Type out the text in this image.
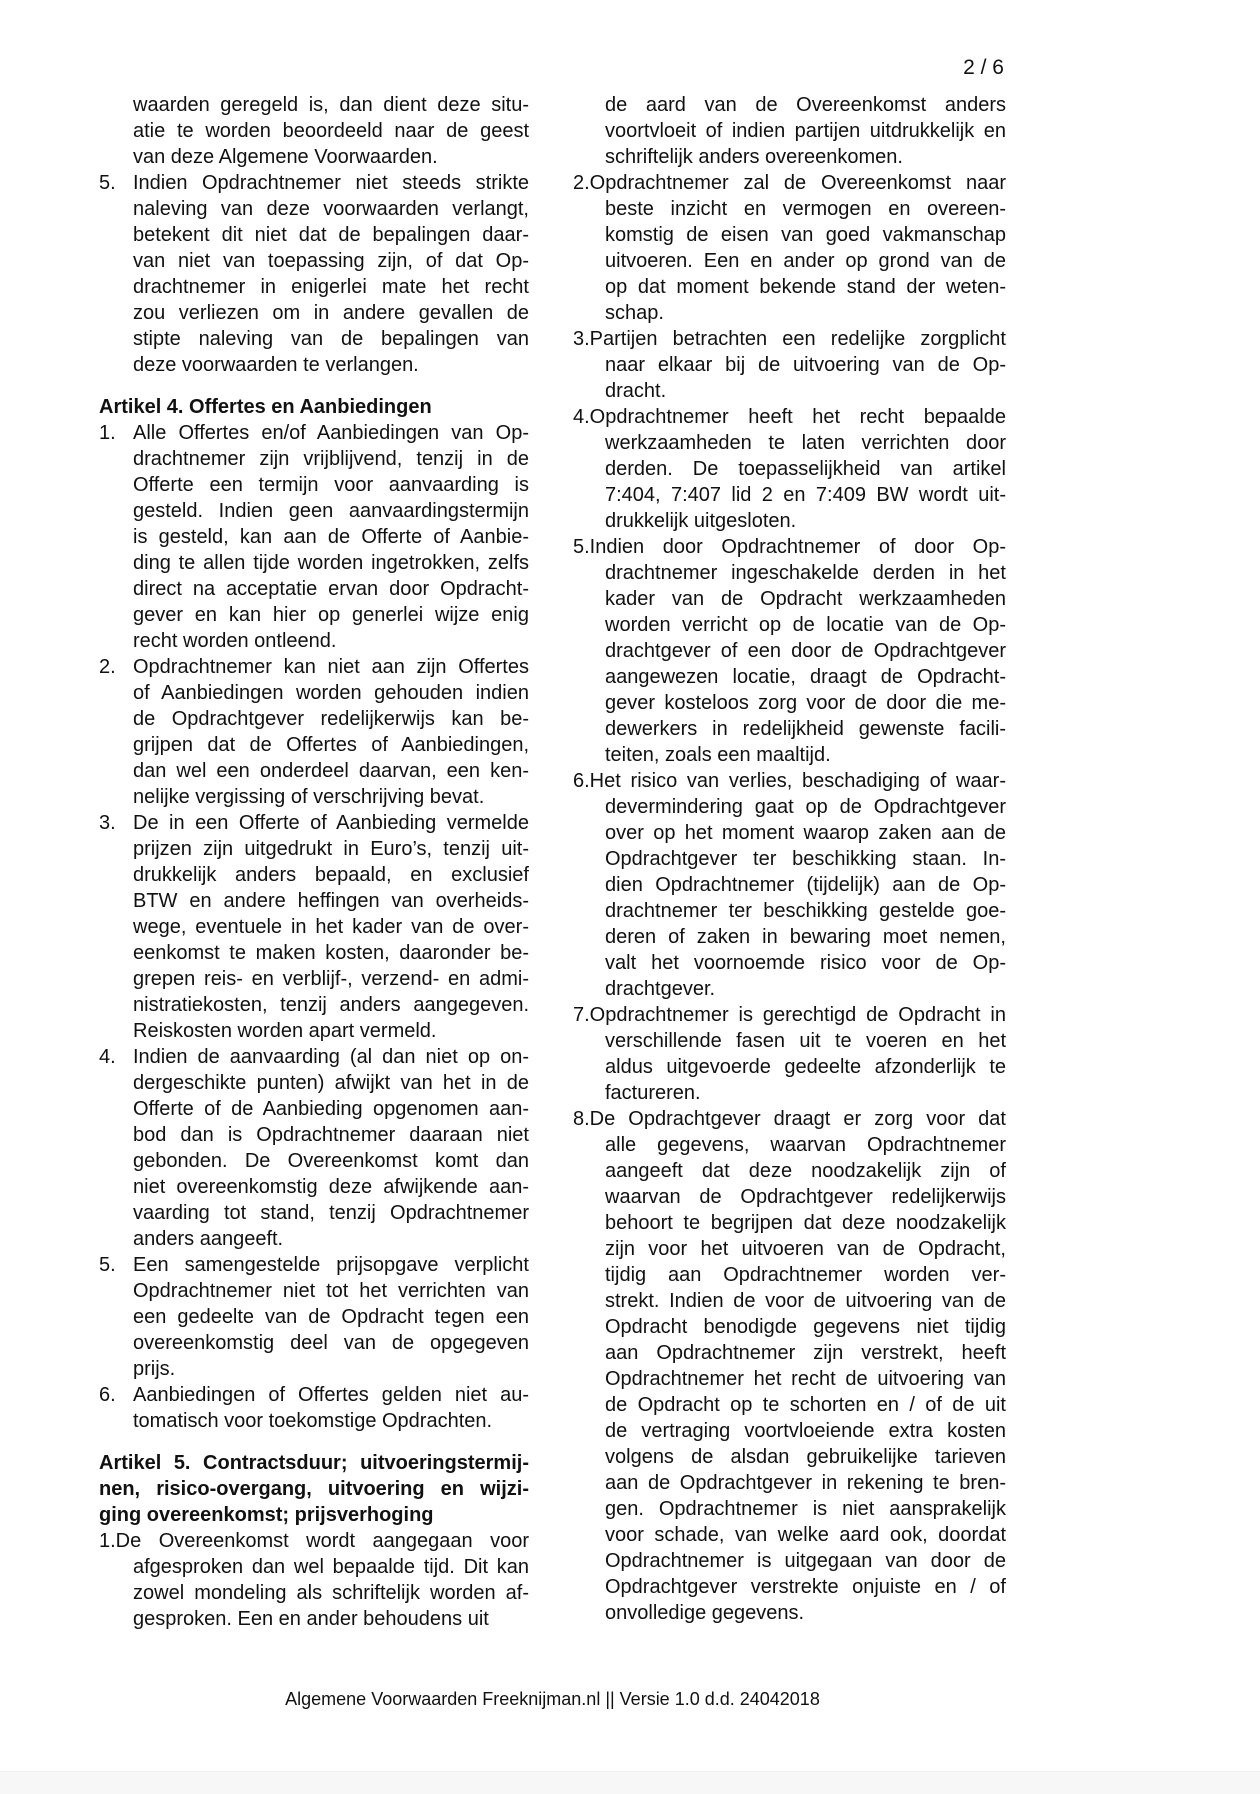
2 / 6
waarden geregeld is, dan dient deze situ-
atie te worden beoordeeld naar de geest
van deze Algemene Voorwaarden.
5. Indien Opdrachtnemer niet steeds strikte
naleving van deze voorwaarden verlangt,
betekent dit niet dat de bepalingen daar-
van niet van toepassing zijn, of dat Op-
drachtnemer in enigerlei mate het recht
zou verliezen om in andere gevallen de
stipte naleving van de bepalingen van
deze voorwaarden te verlangen.
Artikel 4. Offertes en Aanbiedingen
1. Alle Offertes en/of Aanbiedingen van Op-
drachtnemer zijn vrijblijvend, tenzij in de
Offerte een termijn voor aanvaarding is
gesteld. Indien geen aanvaardingstermijn
is gesteld, kan aan de Offerte of Aanbie-
ding te allen tijde worden ingetrokken, zelfs
direct na acceptatie ervan door Opdracht-
gever en kan hier op generlei wijze enig
recht worden ontleend.
2. Opdrachtnemer kan niet aan zijn Offertes
of Aanbiedingen worden gehouden indien
de Opdrachtgever redelijkerwijs kan be-
grijpen dat de Offertes of Aanbiedingen,
dan wel een onderdeel daarvan, een ken-
nelijke vergissing of verschrijving bevat.
3. De in een Offerte of Aanbieding vermelde
prijzen zijn uitgedrukt in Euro’s, tenzij uit-
drukkelijk anders bepaald, en exclusief
BTW en andere heffingen van overheids-
wege, eventuele in het kader van de over-
eenkomst te maken kosten, daaronder be-
grepen reis- en verblijf-, verzend- en admi-
nistratiekosten, tenzij anders aangegeven.
Reiskosten worden apart vermeld.
4. Indien de aanvaarding (al dan niet op on-
dergeschikte punten) afwijkt van het in de
Offerte of de Aanbieding opgenomen aan-
bod dan is Opdrachtnemer daaraan niet
gebonden. De Overeenkomst komt dan
niet overeenkomstig deze afwijkende aan-
vaarding tot stand, tenzij Opdrachtnemer
anders aangeeft.
5. Een samengestelde prijsopgave verplicht
Opdrachtnemer niet tot het verrichten van
een gedeelte van de Opdracht tegen een
overeenkomstig deel van de opgegeven
prijs.
6. Aanbiedingen of Offertes gelden niet au-
tomatisch voor toekomstige Opdrachten.
Artikel 5. Contractsduur; uitvoeringstermij-
nen, risico-overgang, uitvoering en wijzi-
ging overeenkomst; prijsverhoging
1.De Overeenkomst wordt aangegaan voor
afgesproken dan wel bepaalde tijd. Dit kan
zowel mondeling als schriftelijk worden af-
gesproken. Een en ander behoudens uit
de aard van de Overeenkomst anders
voortvloeit of indien partijen uitdrukkelijk en
schriftelijk anders overeenkomen.
2.Opdrachtnemer zal de Overeenkomst naar
beste inzicht en vermogen en overeen-
komstig de eisen van goed vakmanschap
uitvoeren. Een en ander op grond van de
op dat moment bekende stand der weten-
schap.
3.Partijen betrachten een redelijke zorgplicht
naar elkaar bij de uitvoering van de Op-
dracht.
4.Opdrachtnemer heeft het recht bepaalde
werkzaamheden te laten verrichten door
derden. De toepasselijkheid van artikel
7:404, 7:407 lid 2 en 7:409 BW wordt uit-
drukkelijk uitgesloten.
5.Indien door Opdrachtnemer of door Op-
drachtnemer ingeschakelde derden in het
kader van de Opdracht werkzaamheden
worden verricht op de locatie van de Op-
drachtgever of een door de Opdrachtgever
aangewezen locatie, draagt de Opdracht-
gever kosteloos zorg voor de door die me-
dewerkers in redelijkheid gewenste facili-
teiten, zoals een maaltijd.
6.Het risico van verlies, beschadiging of waar-
devermindering gaat op de Opdrachtgever
over op het moment waarop zaken aan de
Opdrachtgever ter beschikking staan. In-
dien Opdrachtnemer (tijdelijk) aan de Op-
drachtnemer ter beschikking gestelde goe-
deren of zaken in bewaring moet nemen,
valt het voornoemde risico voor de Op-
drachtgever.
7.Opdrachtnemer is gerechtigd de Opdracht in
verschillende fasen uit te voeren en het
aldus uitgevoerde gedeelte afzonderlijk te
factureren.
8.De Opdrachtgever draagt er zorg voor dat
alle gegevens, waarvan Opdrachtnemer
aangeeft dat deze noodzakelijk zijn of
waarvan de Opdrachtgever redelijkerwijs
behoort te begrijpen dat deze noodzakelijk
zijn voor het uitvoeren van de Opdracht,
tijdig aan Opdrachtnemer worden ver-
strekt. Indien de voor de uitvoering van de
Opdracht benodigde gegevens niet tijdig
aan Opdrachtnemer zijn verstrekt, heeft
Opdrachtnemer het recht de uitvoering van
de Opdracht op te schorten en / of de uit
de vertraging voortvloeiende extra kosten
volgens de alsdan gebruikelijke tarieven
aan de Opdrachtgever in rekening te bren-
gen. Opdrachtnemer is niet aansprakelijk
voor schade, van welke aard ook, doordat
Opdrachtnemer is uitgegaan van door de
Opdrachtgever verstrekte onjuiste en / of
onvolledige gegevens.
Algemene Voorwaarden Freeknijman.nl || Versie 1.0 d.d. 24042018
